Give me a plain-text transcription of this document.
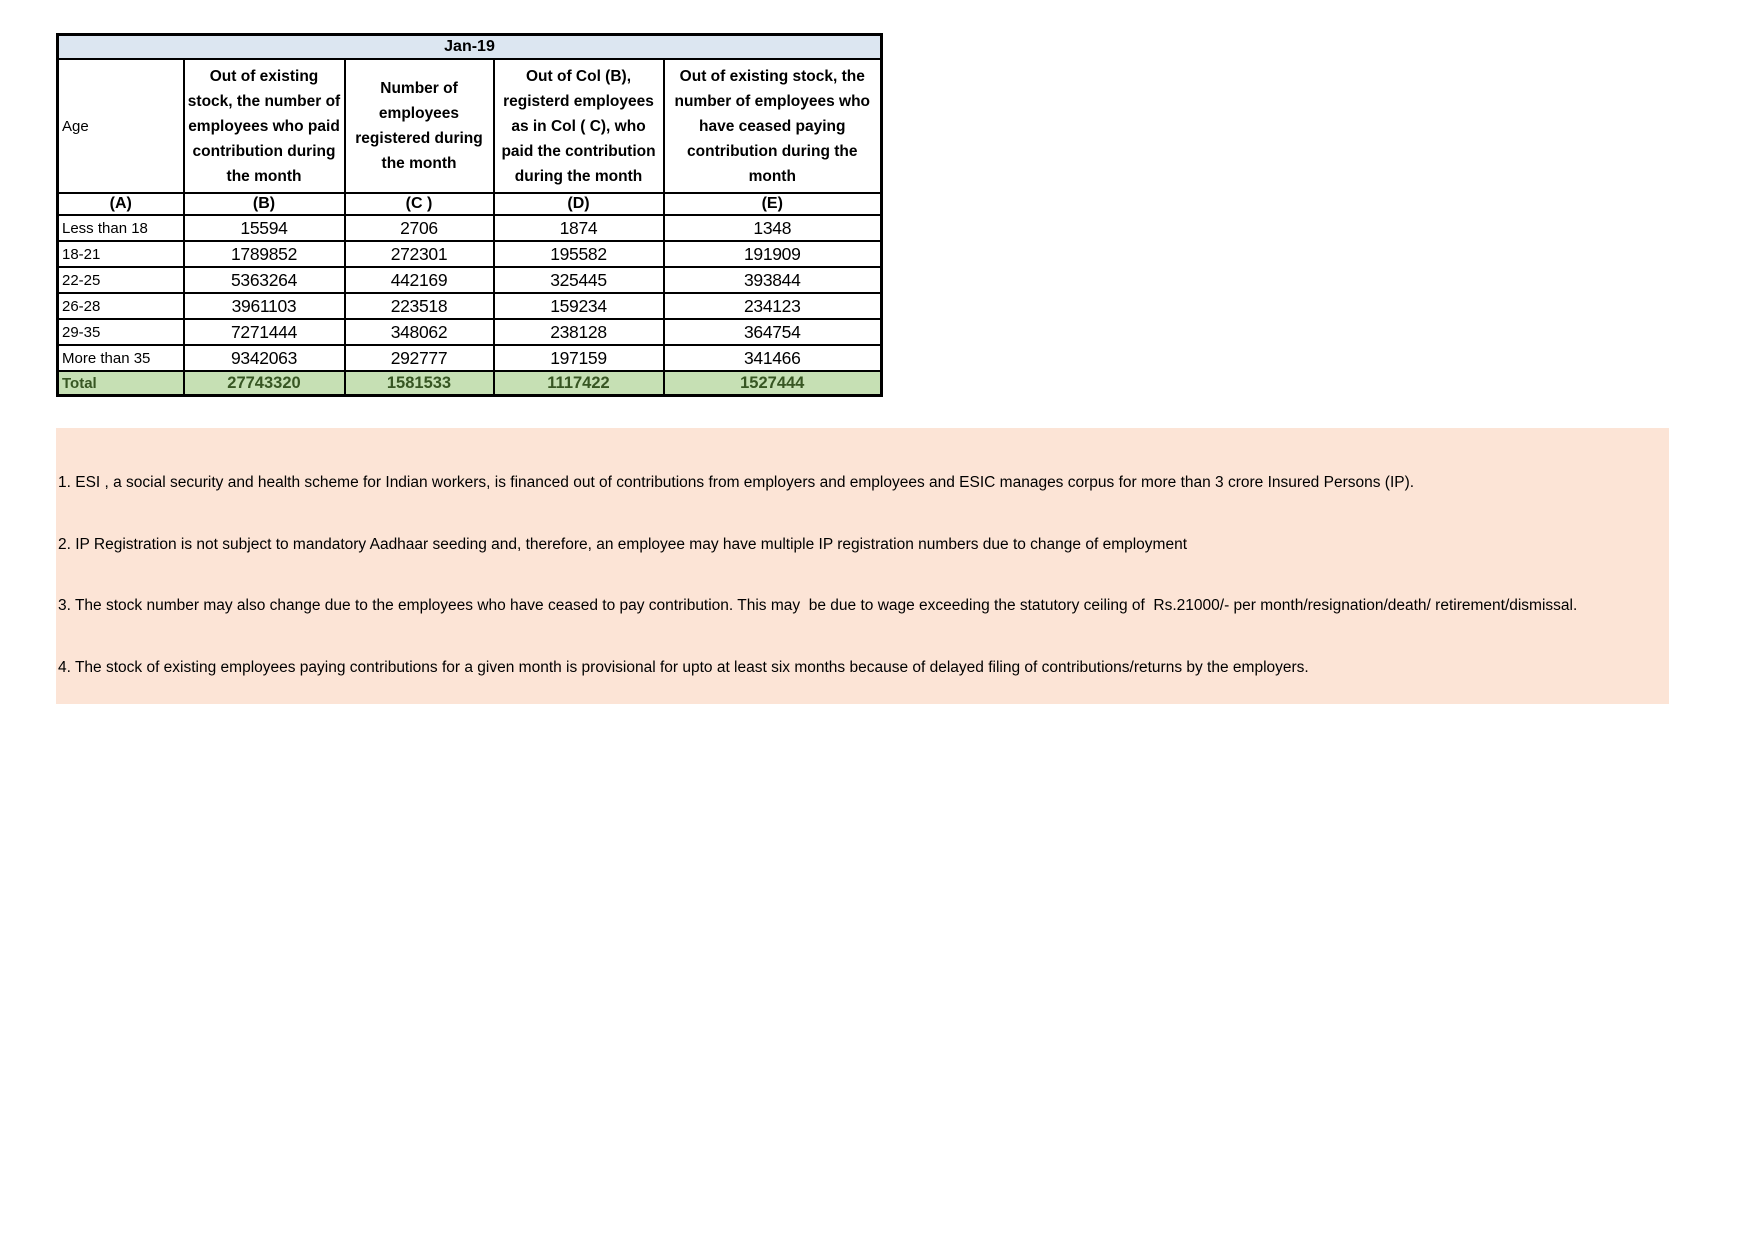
Jan-19				
Age	Out of existing stock, the number of employees who paid contribution during the month	Number of employees registered during the month	Out of Col (B), registerd employees as in Col ( C), who paid the contribution during the month	Out of existing stock, the number of employees who have ceased paying contribution during the month
(A)	(B)	(C )	(D)	(E)
Less than 18	15594	2706	1874	1348
18-21	1789852	272301	195582	191909
22-25	5363264	442169	325445	393844
26-28	3961103	223518	159234	234123
29-35	7271444	348062	238128	364754
More than 35	9342063	292777	197159	341466
Total	27743320	1581533	1117422	1527444

1. ESI , a social security and health scheme for Indian workers, is financed out of contributions from employers and employees and ESIC manages corpus for more than 3 crore Insured Persons (IP).

2. IP Registration is not subject to mandatory Aadhaar seeding and, therefore, an employee may have multiple IP registration numbers due to change of employment

3. The stock number may also change due to the employees who have ceased to pay contribution. This may  be due to wage exceeding the statutory ceiling of  Rs.21000/- per month/resignation/death/ retirement/dismissal.

4. The stock of existing employees paying contributions for a given month is provisional for upto at least six months because of delayed filing of contributions/returns by the employers.
